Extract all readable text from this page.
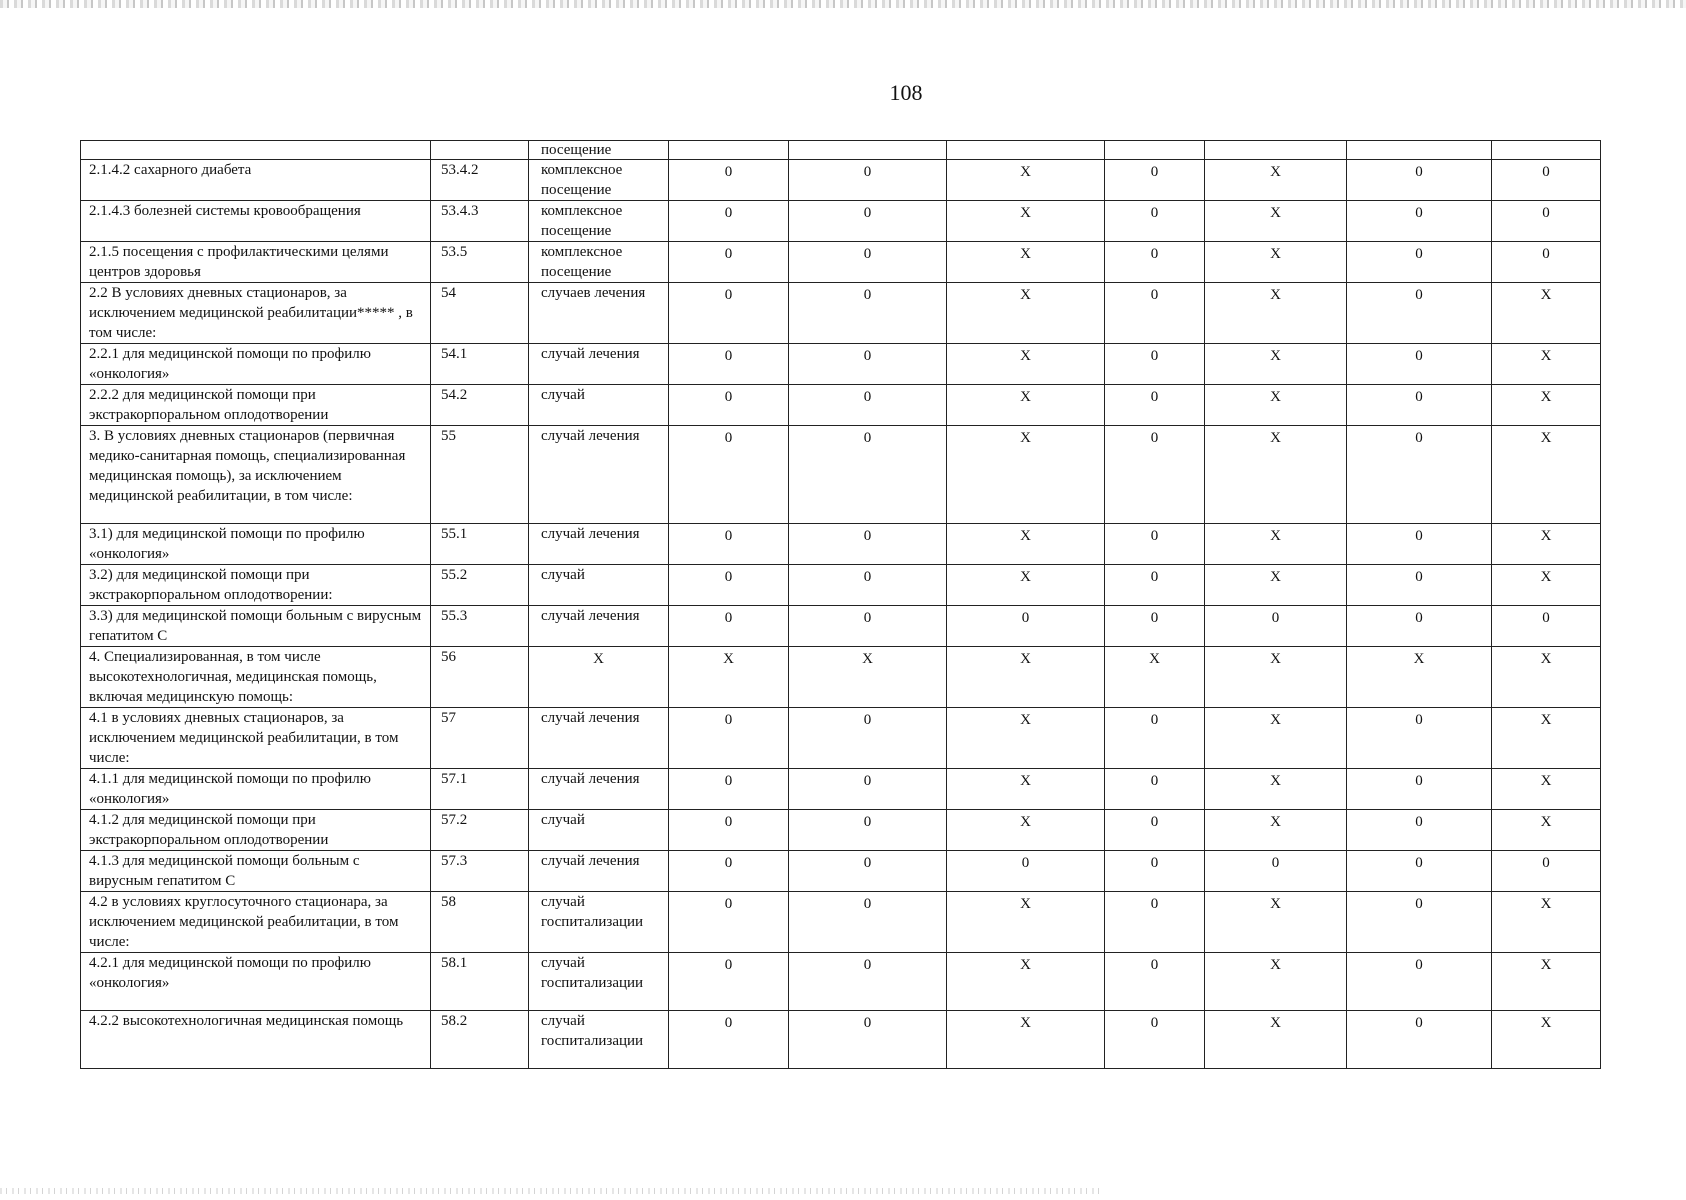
108
		посещение							
2.1.4.2 сахарного диабета	53.4.2	комплексное посещение	0	0	X	0	X	0	0
2.1.4.3 болезней системы кровообращения	53.4.3	комплексное посещение	0	0	X	0	X	0	0
2.1.5 посещения с профилактическими целями центров здоровья	53.5	комплексное посещение	0	0	X	0	X	0	0
2.2 В условиях дневных стационаров, за исключением медицинской реабилитации***** , в том числе:	54	случаев лечения	0	0	X	0	X	0	X
2.2.1 для медицинской помощи по профилю «онкология»	54.1	случай лечения	0	0	X	0	X	0	X
2.2.2 для медицинской помощи при экстракорпоральном оплодотворении	54.2	случай	0	0	X	0	X	0	X
3. В условиях дневных стационаров (первичная медико-санитарная помощь, специализированная медицинская помощь), за исключением медицинской реабилитации, в том числе:	55	случай лечения	0	0	X	0	X	0	X
3.1) для медицинской помощи по профилю «онкология»	55.1	случай лечения	0	0	X	0	X	0	X
3.2) для медицинской помощи при экстракорпоральном оплодотворении:	55.2	случай	0	0	X	0	X	0	X
3.3) для медицинской помощи больным с вирусным гепатитом С	55.3	случай лечения	0	0	0	0	0	0	0
4. Специализированная, в том числе высокотехнологичная, медицинская помощь, включая медицинскую помощь:	56	X	X	X	X	X	X	X	X
4.1 в условиях дневных стационаров, за исключением медицинской реабилитации, в том числе:	57	случай лечения	0	0	X	0	X	0	X
4.1.1 для медицинской помощи по профилю «онкология»	57.1	случай лечения	0	0	X	0	X	0	X
4.1.2 для медицинской помощи при экстракорпоральном оплодотворении	57.2	случай	0	0	X	0	X	0	X
4.1.3 для медицинской помощи больным с вирусным гепатитом С	57.3	случай лечения	0	0	0	0	0	0	0
4.2 в условиях круглосуточного стационара, за исключением медицинской реабилитации, в том числе:	58	случай госпитализации	0	0	X	0	X	0	X
4.2.1 для медицинской помощи по профилю «онкология»	58.1	случай госпитализации	0	0	X	0	X	0	X
4.2.2 высокотехнологичная медицинская помощь	58.2	случай госпитализации	0	0	X	0	X	0	X
